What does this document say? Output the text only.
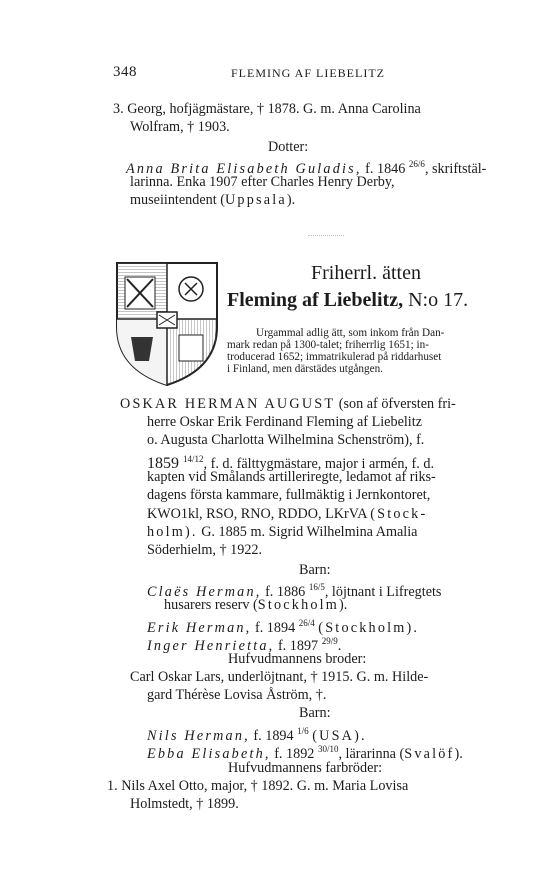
348	FLEMING AF LIEBELITZ
3. Georg, hofjägmästare, † 1878. G. m. Anna Carolina
Wolfram, † 1903.
Dotter:
Anna Brita Elisabeth Guladis, f. 1846 $^{26/6}$, skriftstäl-
larinna. Enka 1907 efter Charles Henry Derby,
museiintendent (Uppsala).
Friherrl. ätten
Fleming af Liebelitz, N:o 17.
Urgammal adlig ätt, som inkom från Dan-
mark redan på 1300-talet; friherrlig 1651; in-
troducerad 1652; immatrikulerad på riddarhuset
i Finland, men därstädes utgången.
OSKAR HERMAN AUGUST (son af öfversten fri-
herre Oskar Erik Ferdinand Fleming af Liebelitz
o. Augusta Charlotta Wilhelmina Schenström), f.
1859 $^{14/12}$, f. d. fälttygmästare, major i armén, f. d.
kapten vid Smålands artilleriregte, ledamot af riks-
dagens första kammare, fullmäktig i Jernkontoret,
KWO1kl, RSO, RNO, RDDO, LKrVA (Stock-
holm). G. 1885 m. Sigrid Wilhelmina Amalia
Söderhielm, † 1922.
Barn:
Claës Herman, f. 1886 $^{16/5}$, löjtnant i Lifregtets
husarers reserv (Stockholm).
Erik Herman, f. 1894 $^{26/4}$ (Stockholm).
Inger Henrietta, f. 1897 $^{29/9}$.
Hufvudmannens broder:
Carl Oskar Lars, underlöjtnant, † 1915. G. m. Hilde-
gard Thérèse Lovisa Åström, †.
Barn:
Nils Herman, f. 1894 $^{1/6}$ (USA).
Ebba Elisabeth, f. 1892 $^{30/10}$, lärarinna (Svalöf).
Hufvudmannens farbröder:
1. Nils Axel Otto, major, † 1892. G. m. Maria Lovisa
Holmstedt, † 1899.
